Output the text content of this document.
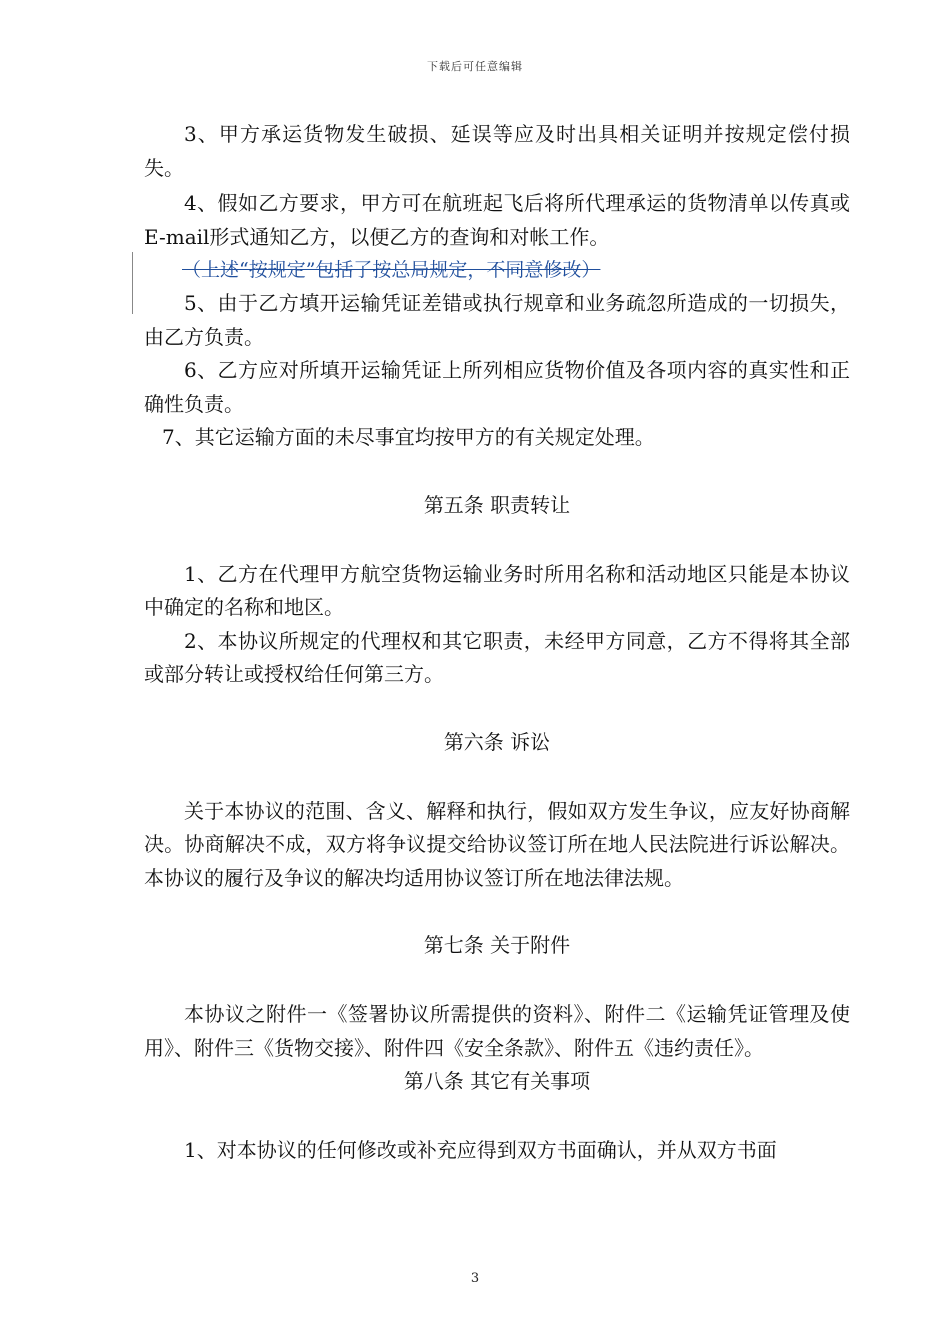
下载后可任意编辑

3、甲方承运货物发生破损、延误等应及时出具相关证明并按规定偿付损失。

4、假如乙方要求，甲方可在航班起飞后将所代理承运的货物清单以传真或E-mail形式通知乙方，以便乙方的查询和对帐工作。

（上述“按规定”包括了按总局规定，不同意修改）

5、由于乙方填开运输凭证差错或执行规章和业务疏忽所造成的一切损失，由乙方负责。

6、乙方应对所填开运输凭证上所列相应货物价值及各项内容的真实性和正确性负责。

7、其它运输方面的未尽事宜均按甲方的有关规定处理。

第五条 职责转让

1、乙方在代理甲方航空货物运输业务时所用名称和活动地区只能是本协议中确定的名称和地区。

2、本协议所规定的代理权和其它职责，未经甲方同意，乙方不得将其全部或部分转让或授权给任何第三方。

第六条 诉讼

关于本协议的范围、含义、解释和执行，假如双方发生争议，应友好协商解决。协商解决不成，双方将争议提交给协议签订所在地人民法院进行诉讼解决。本协议的履行及争议的解决均适用协议签订所在地法律法规。

第七条 关于附件

本协议之附件一《签署协议所需提供的资料》、附件二《运输凭证管理及使用》、附件三《货物交接》、附件四《安全条款》、附件五《违约责任》。

第八条 其它有关事项

1、对本协议的任何修改或补充应得到双方书面确认，并从双方书面

3
